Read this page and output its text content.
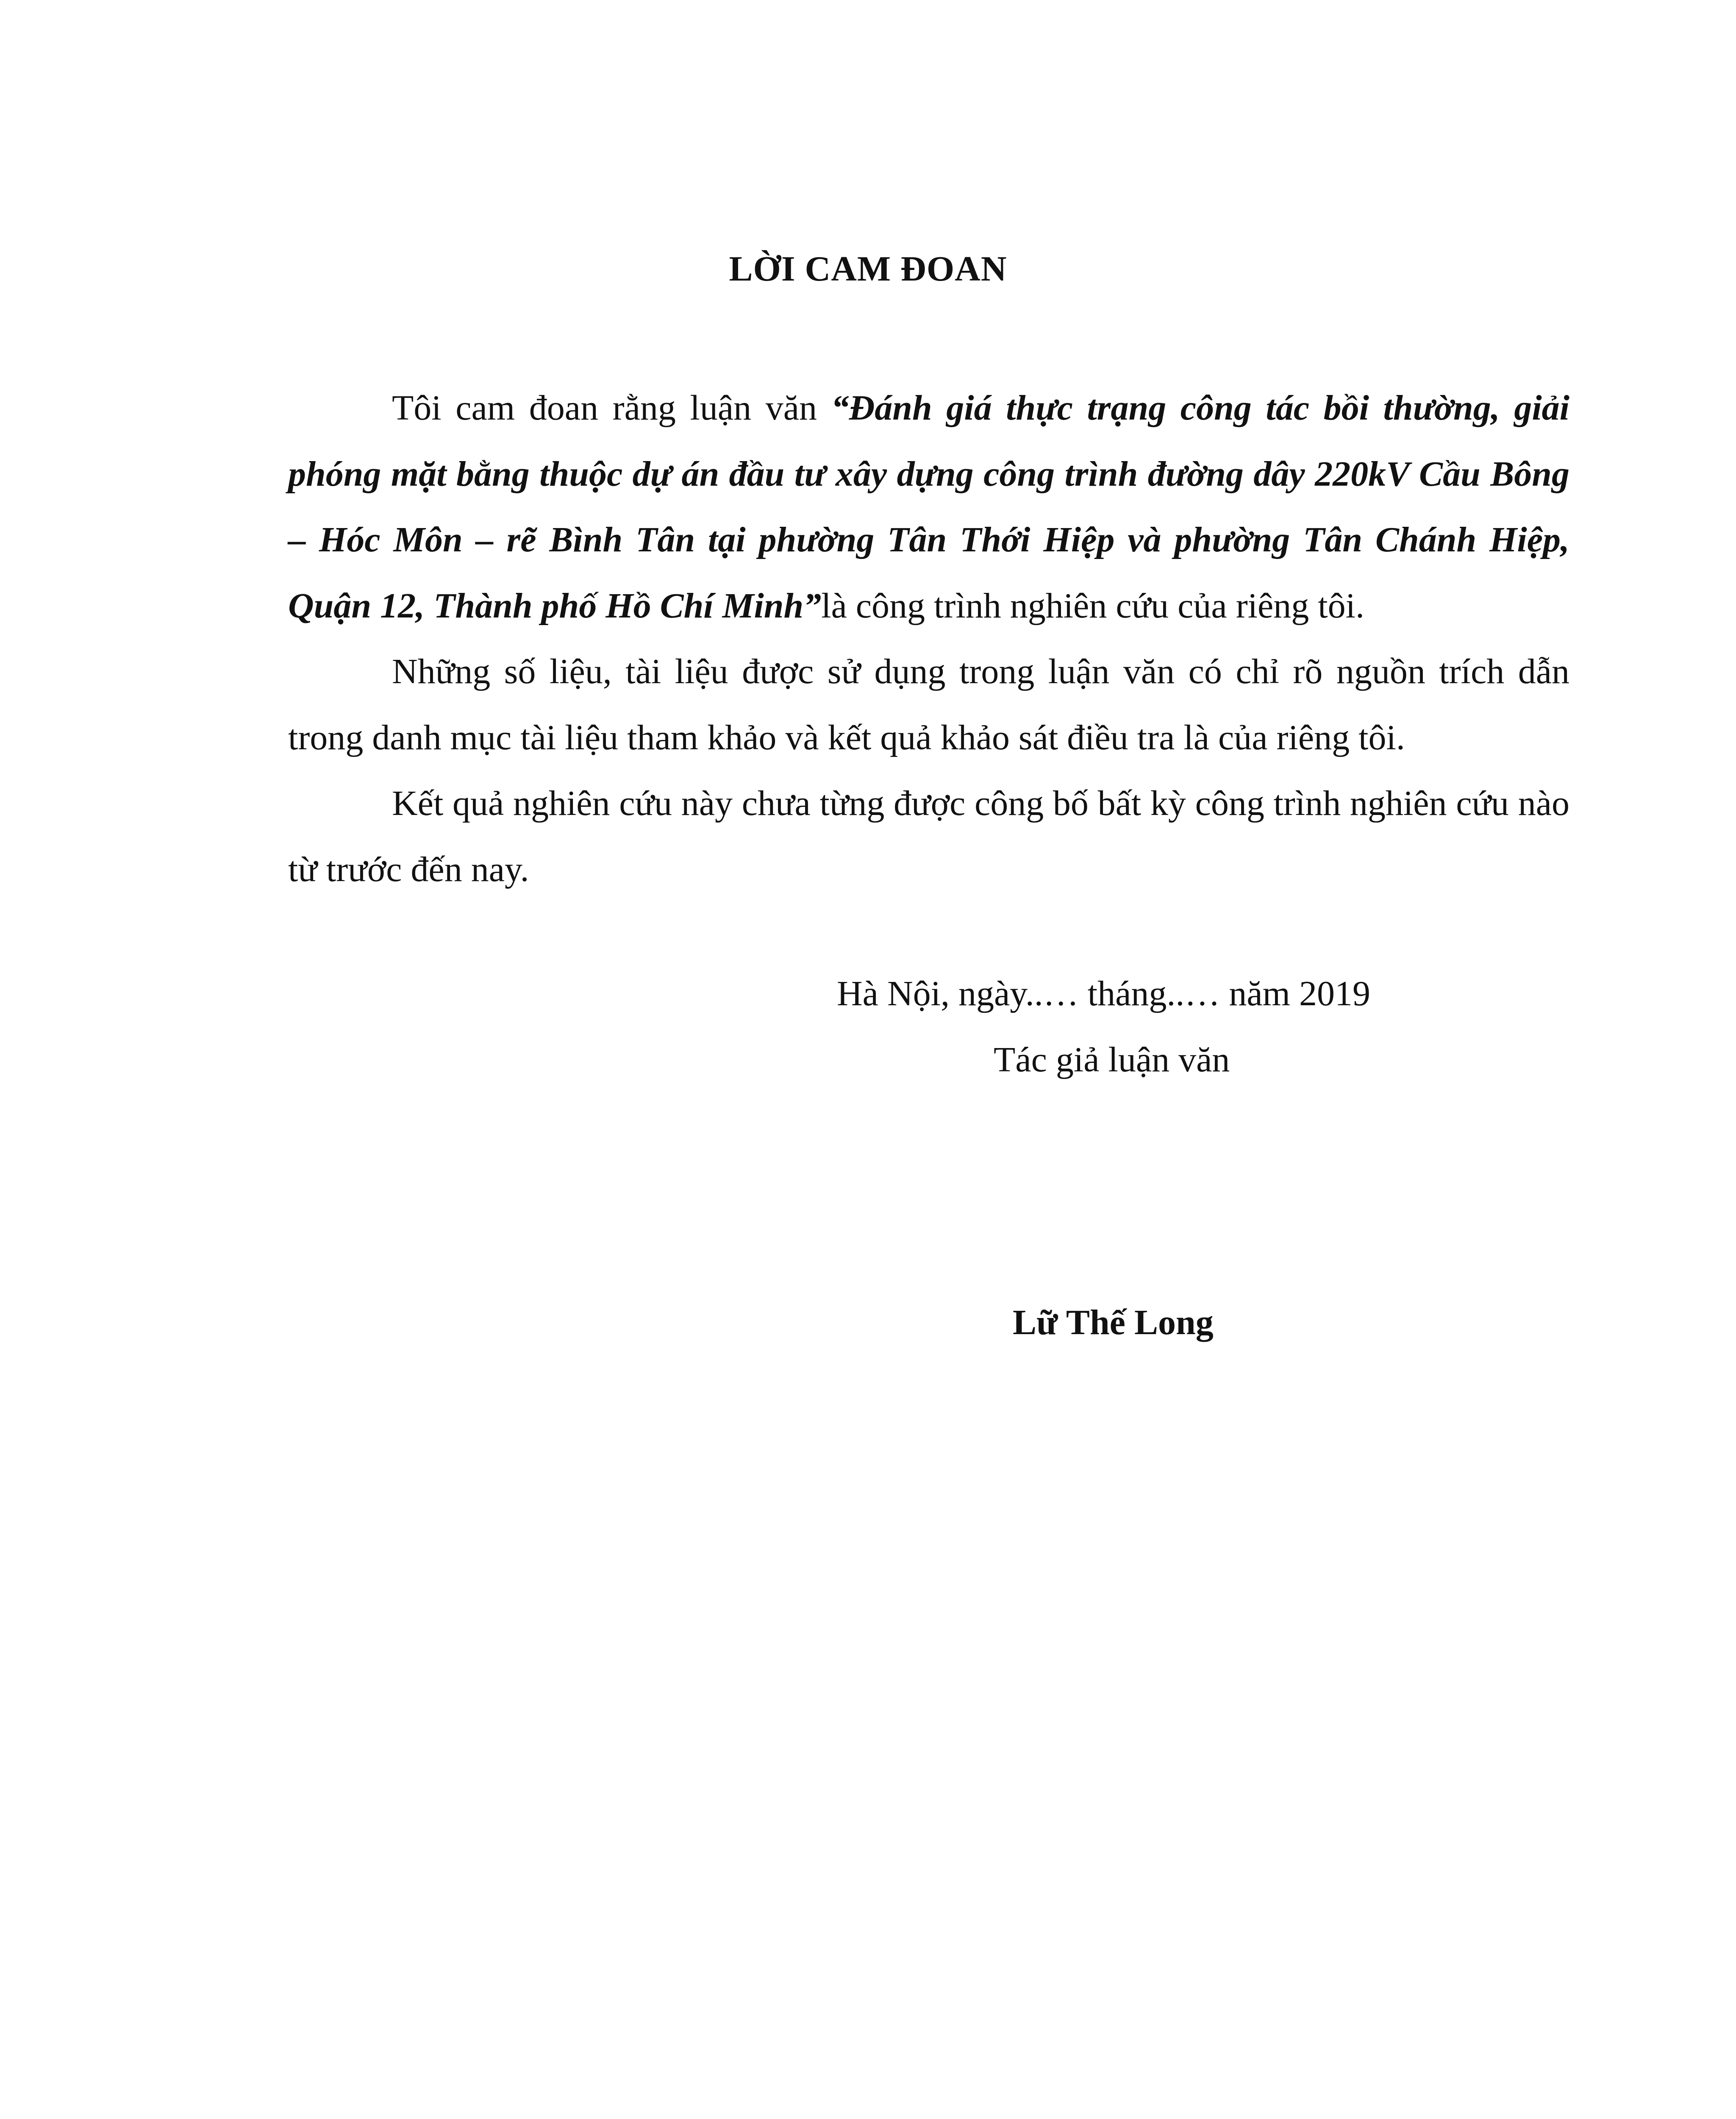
LỜI CAM ĐOAN

Tôi cam đoan rằng luận văn “Đánh giá thực trạng công tác bồi thường, giải phóng mặt bằng thuộc dự án đầu tư xây dựng công trình đường dây 220kV Cầu Bông – Hóc Môn – rẽ Bình Tân tại phường Tân Thới Hiệp và phường Tân Chánh Hiệp, Quận 12, Thành phố Hồ Chí Minh”là công trình nghiên cứu của riêng tôi.

Những số liệu, tài liệu được sử dụng trong luận văn có chỉ rõ nguồn trích dẫn trong danh mục tài liệu tham khảo và kết quả khảo sát điều tra là của riêng tôi.

Kết quả nghiên cứu này chưa từng được công bố bất kỳ công trình nghiên cứu nào từ trước đến nay.

Hà Nội, ngày..… tháng..… năm 2019
Tác giả luận văn
Lữ Thế Long
